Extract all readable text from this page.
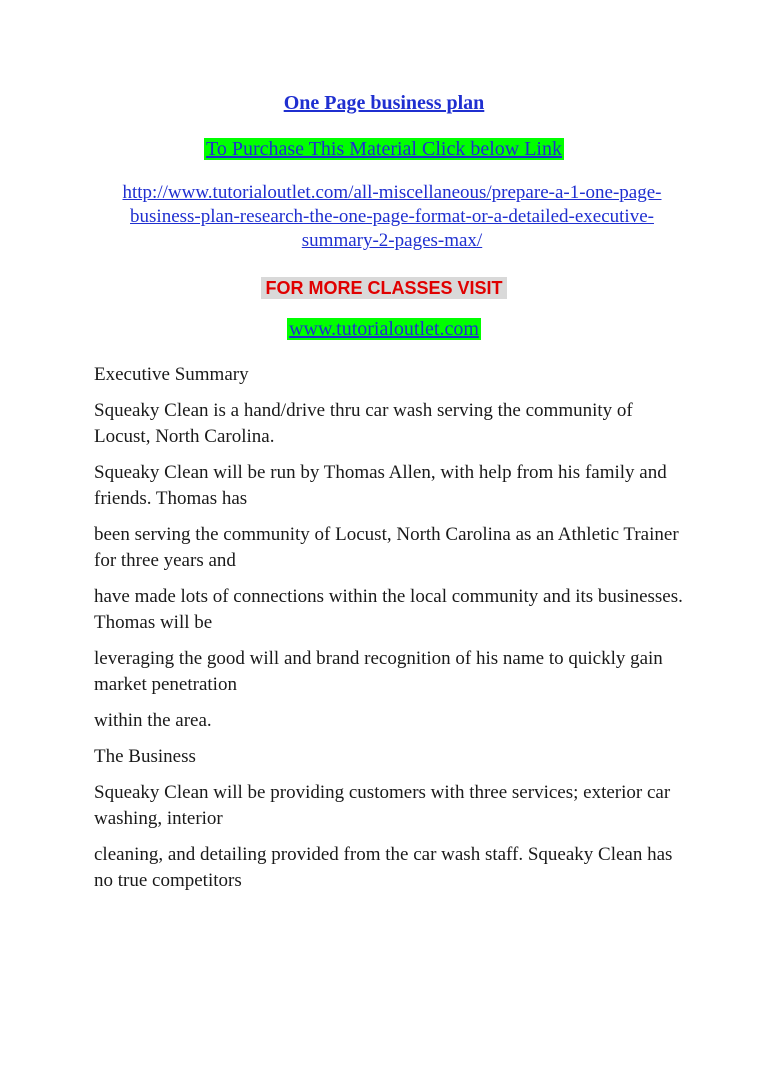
One Page business plan
To Purchase This Material Click below Link
http://www.tutorialoutlet.com/all-miscellaneous/prepare-a-1-one-page-business-plan-research-the-one-page-format-or-a-detailed-executive-summary-2-pages-max/
FOR MORE CLASSES VISIT
www.tutorialoutlet.com

Executive Summary

Squeaky Clean is a hand/drive thru car wash serving the community of Locust, North Carolina.

Squeaky Clean will be run by Thomas Allen, with help from his family and friends. Thomas has

been serving the community of Locust, North Carolina as an Athletic Trainer for three years and

have made lots of connections within the local community and its businesses. Thomas will be

leveraging the good will and brand recognition of his name to quickly gain market penetration

within the area.

The Business

Squeaky Clean will be providing customers with three services; exterior car washing, interior

cleaning, and detailing provided from the car wash staff. Squeaky Clean has no true competitors
